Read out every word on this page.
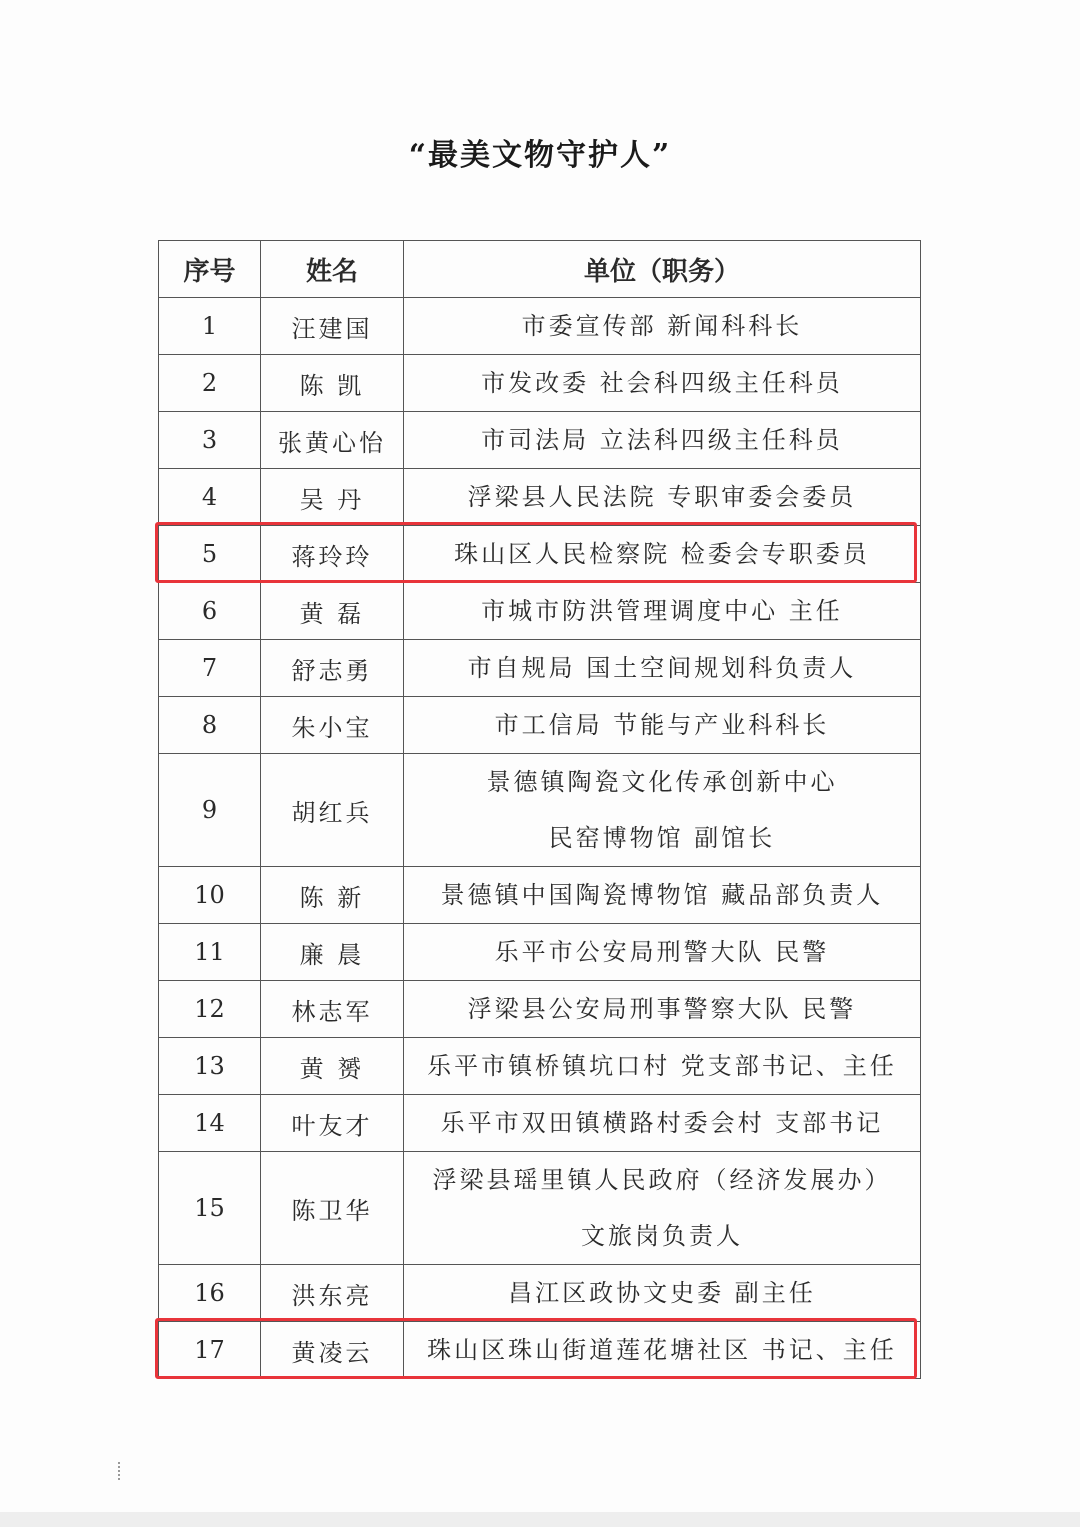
“最美文物守护人”
序号	姓名	单位（职务）
1	汪建国	市委宣传部 新闻科科长

2	陈 凯	市发改委 社会科四级主任科员

3	张黄心怡	市司法局 立法科四级主任科员

4	吴 丹	浮梁县人民法院 专职审委会委员

5	蒋玲玲	珠山区人民检察院 检委会专职委员

6	黄 磊	市城市防洪管理调度中心 主任

7	舒志勇	市自规局 国土空间规划科负责人

8	朱小宝	市工信局 节能与产业科科长

9	胡红兵	景德镇陶瓷文化传承创新中心
民窑博物馆 副馆长

10	陈 新	景德镇中国陶瓷博物馆 藏品部负责人

11	廉 晨	乐平市公安局刑警大队 民警

12	林志军	浮梁县公安局刑事警察大队 民警

13	黄 赟	乐平市镇桥镇坑口村 党支部书记、主任

14	叶友才	乐平市双田镇横路村委会村 支部书记

15	陈卫华	浮梁县瑶里镇人民政府（经济发展办）
文旅岗负责人

16	洪东亮	昌江区政协文史委 副主任

17	黄凌云	珠山区珠山街道莲花塘社区 书记、主任
